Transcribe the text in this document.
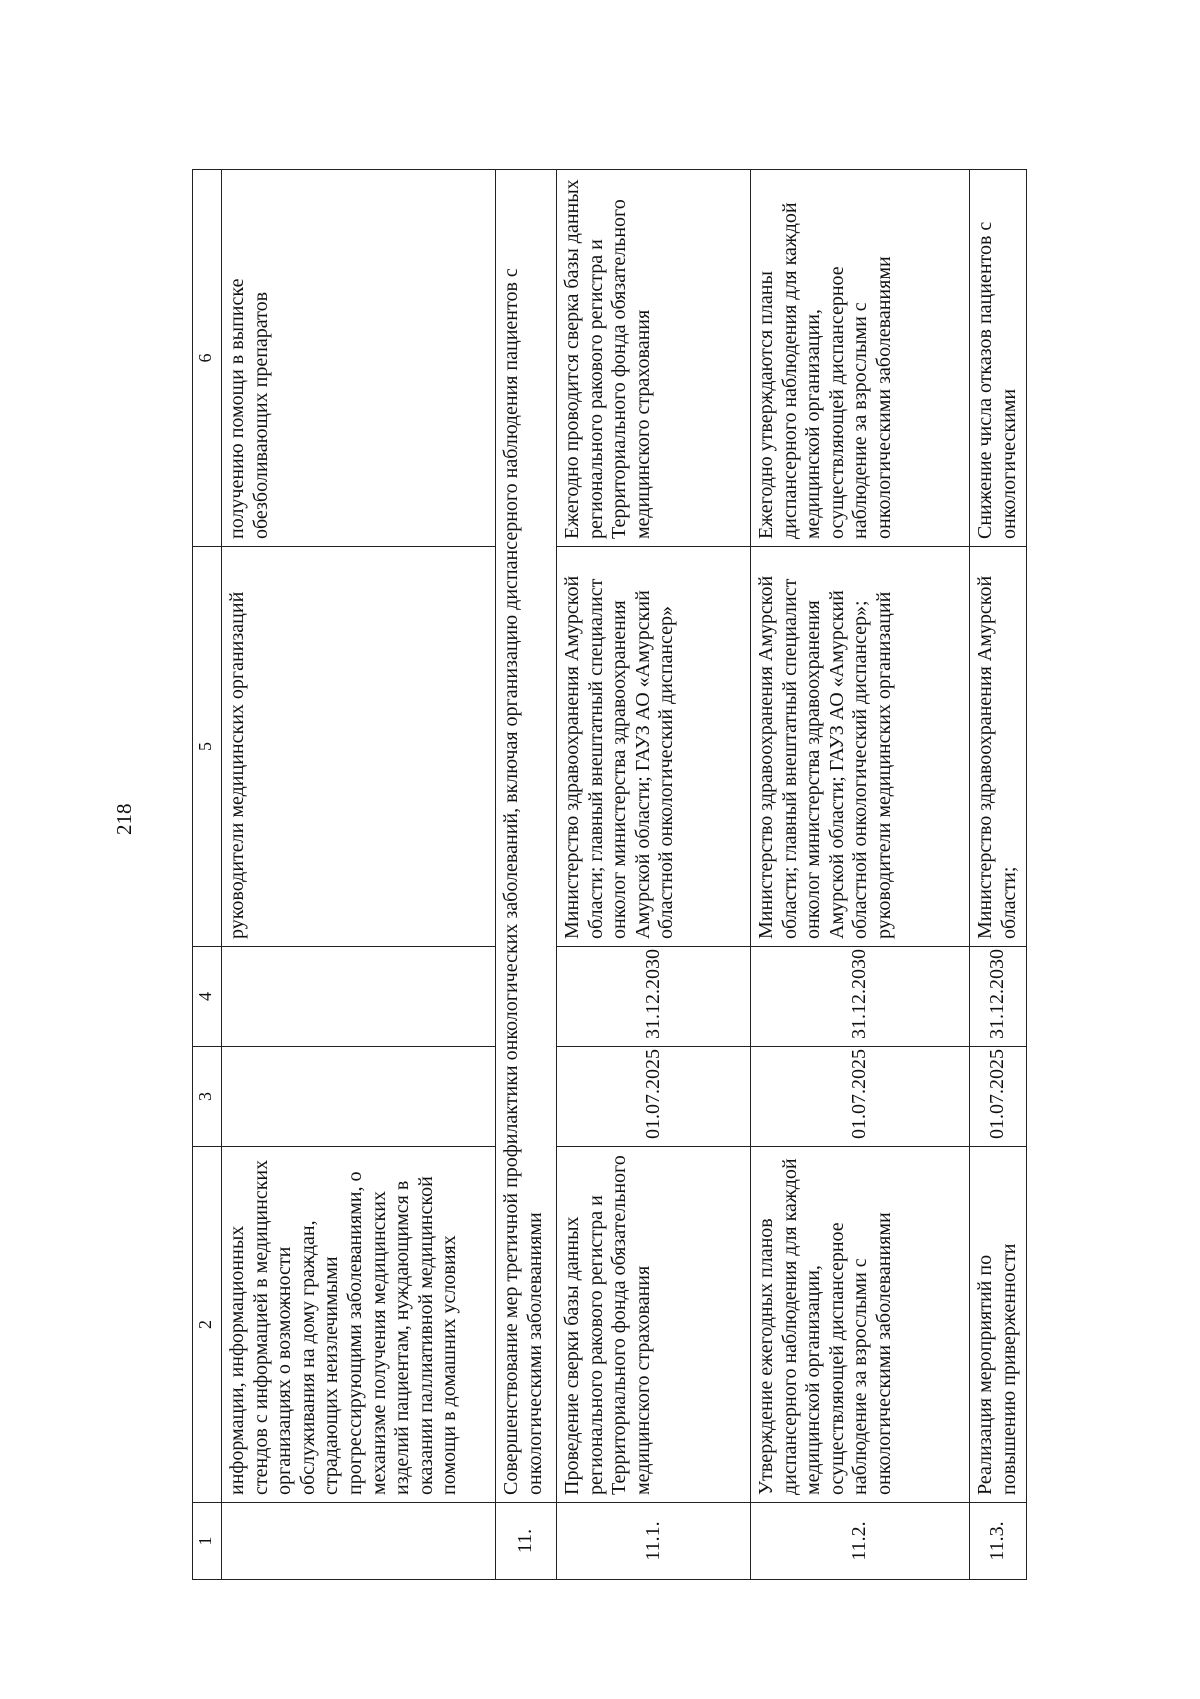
218
1	2	3	4	5	6
	информации, информационных стендов с информацией в медицинских организациях о возможности обслуживания на дому граждан, страдающих неизлечимыми прогрессирующими заболеваниями, о механизме получения медицинских изделий пациентам, нуждающимся в оказании паллиативной медицинской помощи в домашних условиях			руководители медицинских организаций	получению помощи в выписке обезболивающих препаратов
11.	Совершенствование мер третичной профилактики онкологических заболеваний, включая организацию диспансерного наблюдения пациентов с онкологическими заболеваниями				
11.1.	Проведение сверки базы данных регионального ракового регистра и Территориального фонда обязательного медицинского страхования	01.07.2025	31.12.2030	Министерство здравоохранения Амурской области; главный внештатный специалист онколог министерства здравоохранения Амурской области; ГАУЗ АО «Амурский областной онкологический диспансер»	Ежегодно проводится сверка базы данных регионального ракового регистра и Территориального фонда обязательного медицинского страхования
11.2.	Утверждение ежегодных планов диспансерного наблюдения для каждой медицинской организации, осуществляющей диспансерное наблюдение за взрослыми с онкологическими заболеваниями	01.07.2025	31.12.2030	Министерство здравоохранения Амурской области; главный внештатный специалист онколог министерства здравоохранения Амурской области; ГАУЗ АО «Амурский областной онкологический диспансер»; руководители медицинских организаций	Ежегодно утверждаются планы диспансерного наблюдения для каждой медицинской организации, осуществляющей диспансерное наблюдение за взрослыми с онкологическими заболеваниями
11.3.	Реализация мероприятий по повышению приверженности	01.07.2025	31.12.2030	Министерство здравоохранения Амурской области;	Снижение числа отказов пациентов с онкологическими
